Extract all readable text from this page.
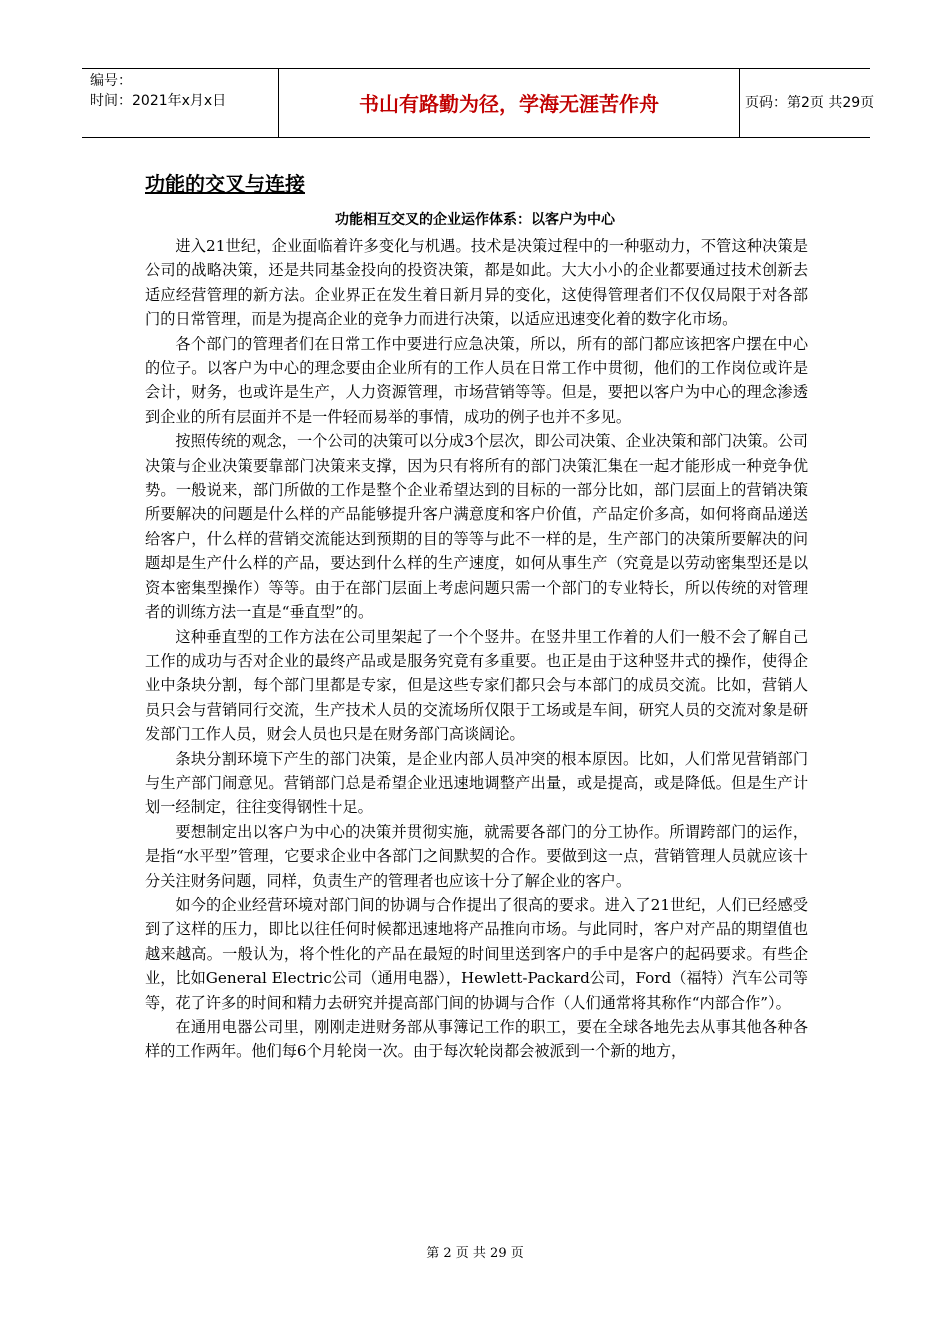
编号：
时间：2021年x月x日	书山有路勤为径，学海无涯苦作舟	页码：第2页 共29页
功能的交叉与连接
功能相互交叉的企业运作体系：以客户为中心

进入21世纪，企业面临着许多变化与机遇。技术是决策过程中的一种驱动力，不管这种决策是公司的战略决策，还是共同基金投向的投资决策，都是如此。大大小小的企业都要通过技术创新去适应经营管理的新方法。企业界正在发生着日新月异的变化，这使得管理者们不仅仅局限于对各部门的日常管理，而是为提高企业的竞争力而进行决策，以适应迅速变化着的数字化市场。

各个部门的管理者们在日常工作中要进行应急决策，所以，所有的部门都应该把客户摆在中心的位子。以客户为中心的理念要由企业所有的工作人员在日常工作中贯彻，他们的工作岗位或许是会计，财务，也或许是生产，人力资源管理，市场营销等等。但是，要把以客户为中心的理念渗透到企业的所有层面并不是一件轻而易举的事情，成功的例子也并不多见。

按照传统的观念，一个公司的决策可以分成3个层次，即公司决策、企业决策和部门决策。公司决策与企业决策要靠部门决策来支撑，因为只有将所有的部门决策汇集在一起才能形成一种竞争优势。一般说来，部门所做的工作是整个企业希望达到的目标的一部分比如，部门层面上的营销决策所要解决的问题是什么样的产品能够提升客户满意度和客户价值，产品定价多高，如何将商品递送给客户，什么样的营销交流能达到预期的目的等等与此不一样的是，生产部门的决策所要解决的问题却是生产什么样的产品，要达到什么样的生产速度，如何从事生产（究竟是以劳动密集型还是以资本密集型操作）等等。由于在部门层面上考虑问题只需一个部门的专业特长，所以传统的对管理者的训练方法一直是“垂直型”的。

这种垂直型的工作方法在公司里架起了一个个竖井。在竖井里工作着的人们一般不会了解自己工作的成功与否对企业的最终产品或是服务究竟有多重要。也正是由于这种竖井式的操作，使得企业中条块分割，每个部门里都是专家，但是这些专家们都只会与本部门的成员交流。比如，营销人员只会与营销同行交流，生产技术人员的交流场所仅限于工场或是车间，研究人员的交流对象是研发部门工作人员，财会人员也只是在财务部门高谈阔论。

条块分割环境下产生的部门决策，是企业内部人员冲突的根本原因。比如，人们常见营销部门与生产部门闹意见。营销部门总是希望企业迅速地调整产出量，或是提高，或是降低。但是生产计划一经制定，往往变得钢性十足。

要想制定出以客户为中心的决策并贯彻实施，就需要各部门的分工协作。所谓跨部门的运作，是指“水平型”管理，它要求企业中各部门之间默契的合作。要做到这一点，营销管理人员就应该十分关注财务问题，同样，负责生产的管理者也应该十分了解企业的客户。

如今的企业经营环境对部门间的协调与合作提出了很高的要求。进入了21世纪，人们已经感受到了这样的压力，即比以往任何时候都迅速地将产品推向市场。与此同时，客户对产品的期望值也越来越高。一般认为，将个性化的产品在最短的时间里送到客户的手中是客户的起码要求。有些企业，比如General Electric公司（通用电器），Hewlett-Packard公司，Ford（福特）汽车公司等等，花了许多的时间和精力去研究并提高部门间的协调与合作（人们通常将其称作“内部合作”）。

在通用电器公司里，刚刚走进财务部从事簿记工作的职工，要在全球各地先去从事其他各种各样的工作两年。他们每6个月轮岗一次。由于每次轮岗都会被派到一个新的地方，

第 2 页 共 29 页
